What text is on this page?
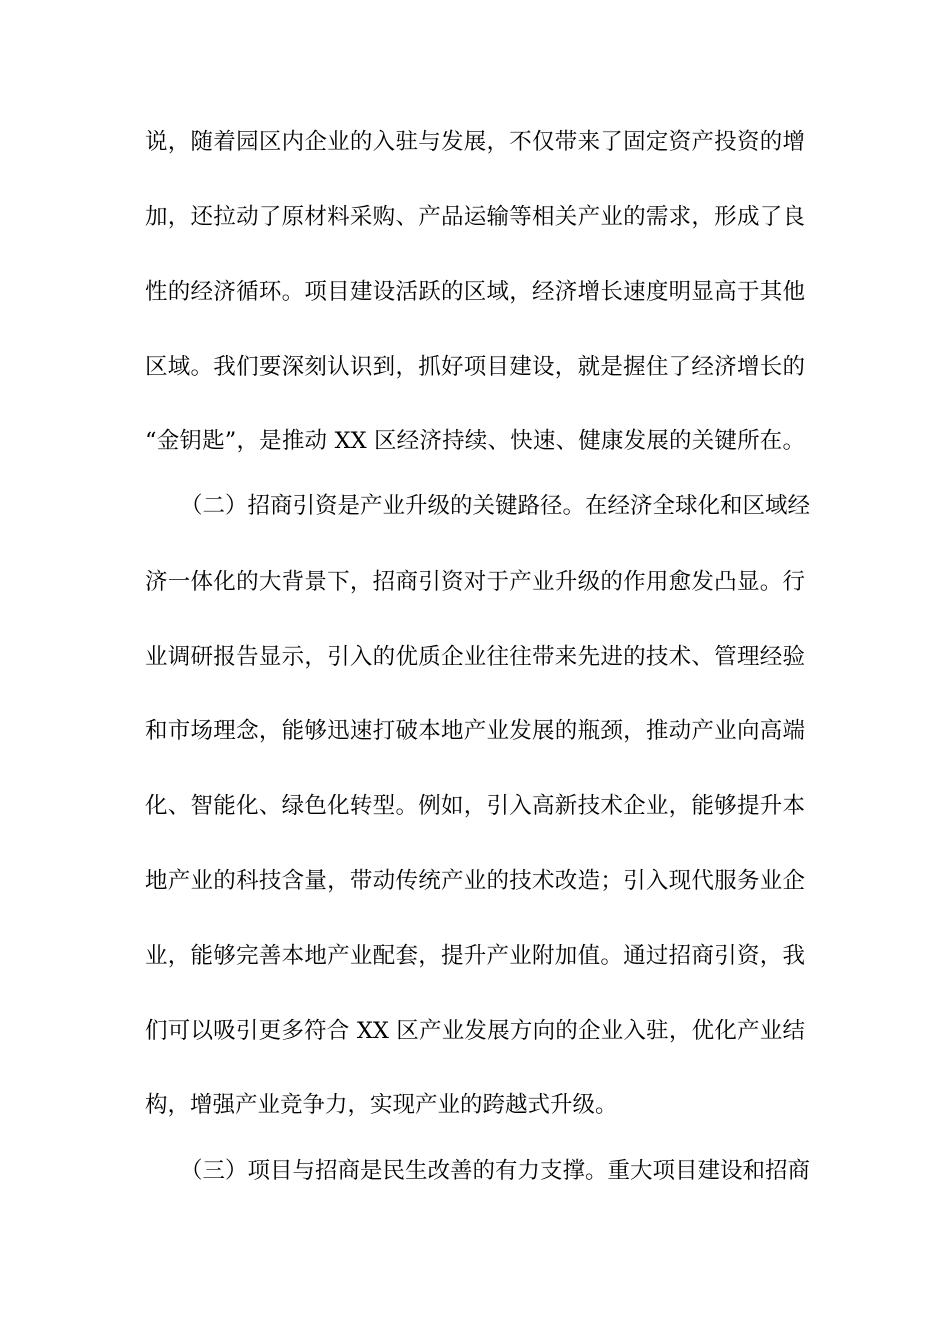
说，随着园区内企业的入驻与发展，不仅带来了固定资产投资的增
加，还拉动了原材料采购、产品运输等相关产业的需求，形成了良
性的经济循环。项目建设活跃的区域，经济增长速度明显高于其他
区域。我们要深刻认识到，抓好项目建设，就是握住了经济增长的
“金钥匙”，是推动 XX 区经济持续、快速、健康发展的关键所在。
（二）招商引资是产业升级的关键路径。在经济全球化和区域经
济一体化的大背景下，招商引资对于产业升级的作用愈发凸显。行
业调研报告显示，引入的优质企业往往带来先进的技术、管理经验
和市场理念，能够迅速打破本地产业发展的瓶颈，推动产业向高端
化、智能化、绿色化转型。例如，引入高新技术企业，能够提升本
地产业的科技含量，带动传统产业的技术改造；引入现代服务业企
业，能够完善本地产业配套，提升产业附加值。通过招商引资，我
们可以吸引更多符合 XX 区产业发展方向的企业入驻，优化产业结
构，增强产业竞争力，实现产业的跨越式升级。
（三）项目与招商是民生改善的有力支撑。重大项目建设和招商
